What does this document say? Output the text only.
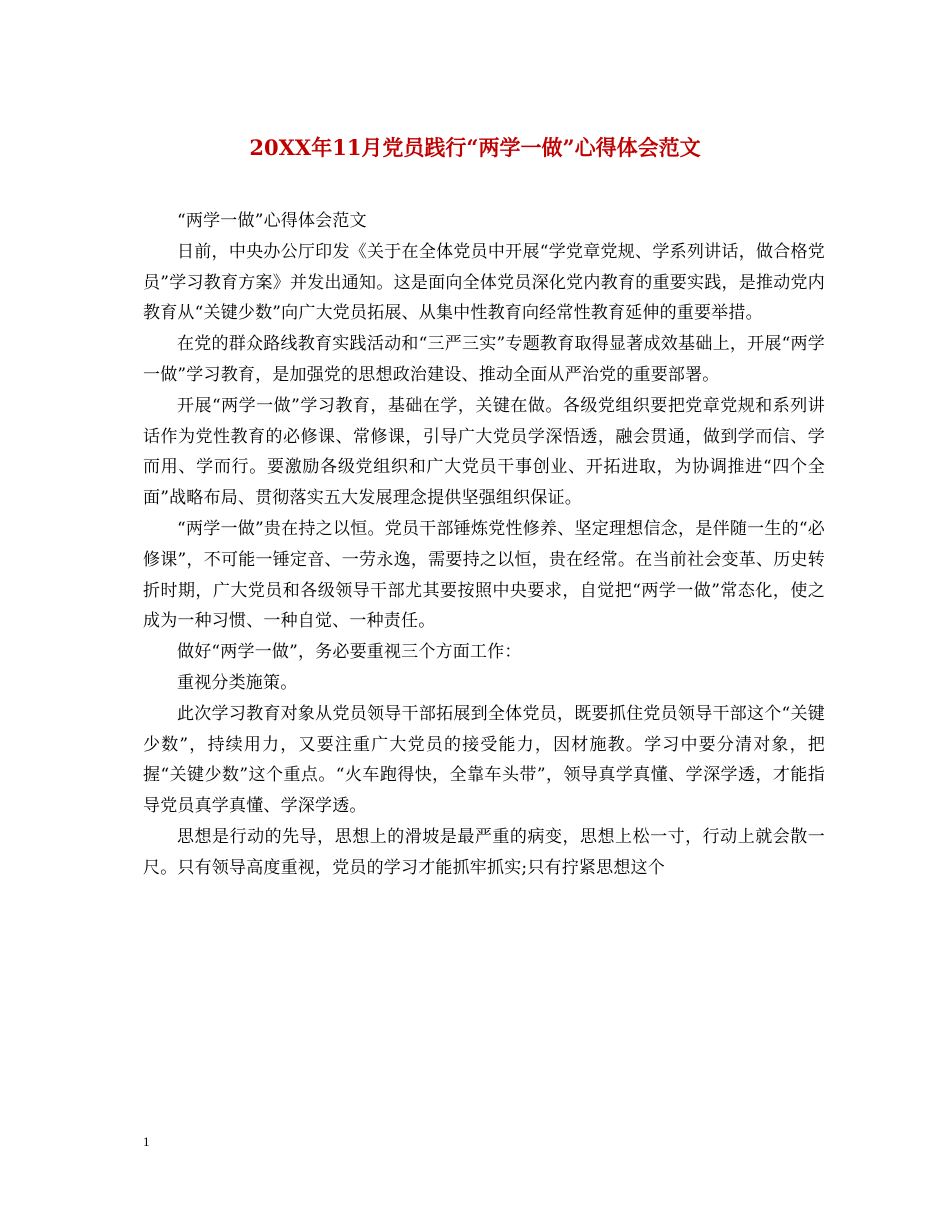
20XX年11月党员践行“两学一做”心得体会范文

“两学一做”心得体会范文

日前，中央办公厅印发《关于在全体党员中开展“学党章党规、学系列讲话，做合格党员”学习教育方案》并发出通知。这是面向全体党员深化党内教育的重要实践，是推动党内教育从“关键少数”向广大党员拓展、从集中性教育向经常性教育延伸的重要举措。

在党的群众路线教育实践活动和“三严三实”专题教育取得显著成效基础上，开展“两学一做”学习教育，是加强党的思想政治建设、推动全面从严治党的重要部署。

开展“两学一做”学习教育，基础在学，关键在做。各级党组织要把党章党规和系列讲话作为党性教育的必修课、常修课，引导广大党员学深悟透，融会贯通，做到学而信、学而用、学而行。要激励各级党组织和广大党员干事创业、开拓进取，为协调推进“四个全面”战略布局、贯彻落实五大发展理念提供坚强组织保证。

“两学一做”贵在持之以恒。党员干部锤炼党性修养、坚定理想信念，是伴随一生的“必修课”，不可能一锤定音、一劳永逸，需要持之以恒，贵在经常。在当前社会变革、历史转折时期，广大党员和各级领导干部尤其要按照中央要求，自觉把“两学一做”常态化，使之成为一种习惯、一种自觉、一种责任。

做好“两学一做”，务必要重视三个方面工作：

重视分类施策。

此次学习教育对象从党员领导干部拓展到全体党员，既要抓住党员领导干部这个“关键少数”，持续用力，又要注重广大党员的接受能力，因材施教。学习中要分清对象，把握“关键少数”这个重点。“火车跑得快，全靠车头带”，领导真学真懂、学深学透，才能指导党员真学真懂、学深学透。

思想是行动的先导，思想上的滑坡是最严重的病变，思想上松一寸，行动上就会散一尺。只有领导高度重视，党员的学习才能抓牢抓实;只有拧紧思想这个

1
